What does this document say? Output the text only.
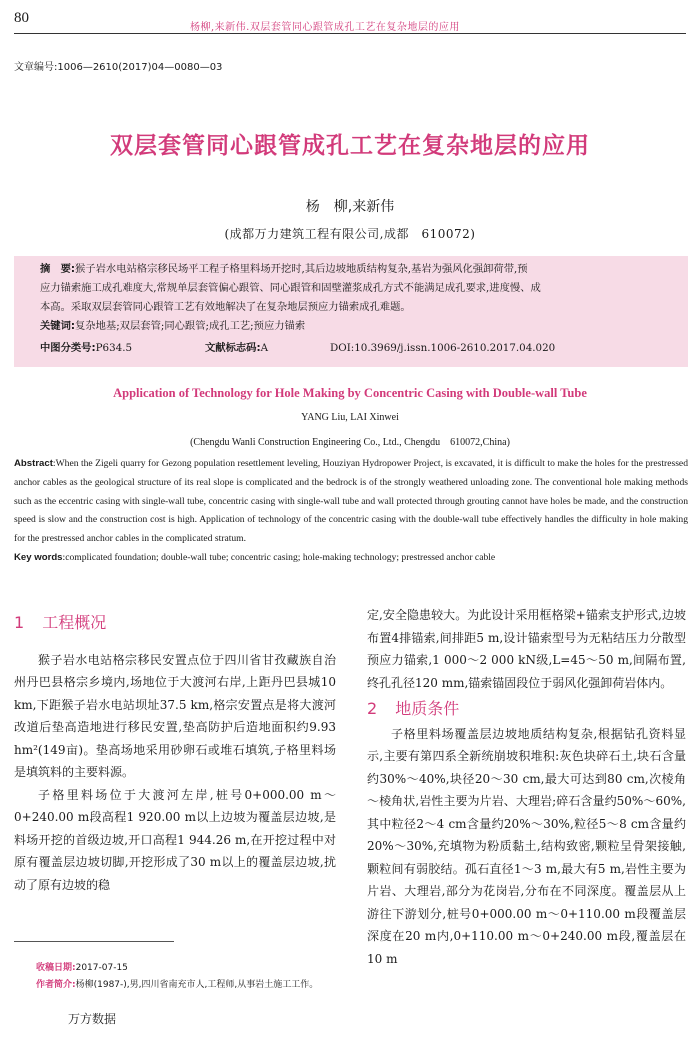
80
杨柳,来新伟.双层套管同心跟管成孔工艺在复杂地层的应用
文章编号:1006—2610(2017)04—0080—03
双层套管同心跟管成孔工艺在复杂地层的应用
杨　柳,来新伟
(成都万力建筑工程有限公司,成都　610072)
摘　要:猴子岩水电站格宗移民场平工程子格里料场开挖时,其后边坡地质结构复杂,基岩为强风化强卸荷带,预
应力锚索施工成孔难度大,常规单层套管偏心跟管、同心跟管和固壁灌浆成孔方式不能满足成孔要求,进度慢、成
本高。采取双层套管同心跟管工艺有效地解决了在复杂地层预应力锚索成孔难题。
关键词:复杂地基;双层套管;同心跟管;成孔工艺;预应力锚索
中图分类号:P634.5	文献标志码:A	DOI:10.3969/j.issn.1006-2610.2017.04.020
Application of Technology for Hole Making by Concentric Casing with Double-wall Tube
YANG Liu, LAI Xinwei
(Chengdu Wanli Construction Engineering Co., Ltd., Chengdu　610072,China)
Abstract:When the Zigeli quarry for Gezong population resettlement leveling, Houziyan Hydropower Project, is excavated, it is difficult to make the holes for the prestressed anchor cables as the geological structure of its real slope is complicated and the bedrock is of the strongly weathered unloading zone. The conventional hole making methods such as the eccentric casing with single-wall tube, concentric casing with single-wall tube and wall protected through grouting cannot have holes be made, and the construction speed is slow and the construction cost is high. Application of technology of the concentric casing with the double-wall tube effectively handles the difficulty in hole making for the prestressed anchor cables in the complicated stratum.
Key words:complicated foundation; double-wall tube; concentric casing; hole-making technology; prestressed anchor cable
1 工程概况

猴子岩水电站格宗移民安置点位于四川省甘孜藏族自治州丹巴县格宗乡境内,场地位于大渡河右岸,上距丹巴县城10 km,下距猴子岩水电站坝址37.5 km,格宗安置点是将大渡河改道后垫高造地进行移民安置,垫高防护后造地面积约9.93 hm²(149亩)。垫高场地采用砂卵石或堆石填筑,子格里料场是填筑料的主要料源。

子格里料场位于大渡河左岸,桩号0+000.00 m～0+240.00 m段高程1 920.00 m以上边坡为覆盖层边坡,是料场开挖的首级边坡,开口高程1 944.26 m,在开挖过程中对原有覆盖层边坡切脚,开挖形成了30 m以上的覆盖层边坡,扰动了原有边坡的稳

定,安全隐患较大。为此设计采用框格梁+锚索支护形式,边坡布置4排锚索,间排距5 m,设计锚索型号为无粘结压力分散型预应力锚索,1 000～2 000 kN级,L=45～50 m,间隔布置,终孔孔径120 mm,锚索锚固段位于弱风化强卸荷岩体内。

2 地质条件

子格里料场覆盖层边坡地质结构复杂,根据钻孔资料显示,主要有第四系全新统崩坡积堆积:灰色块碎石土,块石含量约30%～40%,块径20～30 cm,最大可达到80 cm,次棱角～棱角状,岩性主要为片岩、大理岩;碎石含量约50%～60%,其中粒径2～4 cm含量约20%～30%,粒径5～8 cm含量约20%～30%,充填物为粉质黏土,结构致密,颗粒呈骨架接触,颗粒间有弱胶结。孤石直径1～3 m,最大有5 m,岩性主要为片岩、大理岩,部分为花岗岩,分布在不同深度。覆盖层从上游往下游划分,桩号0+000.00 m～0+110.00 m段覆盖层深度在20 m内,0+110.00 m～0+240.00 m段,覆盖层在10 m

收稿日期:2017-07-15
作者简介:杨柳(1987-),男,四川省南充市人,工程师,从事岩土施工工作。
万方数据
